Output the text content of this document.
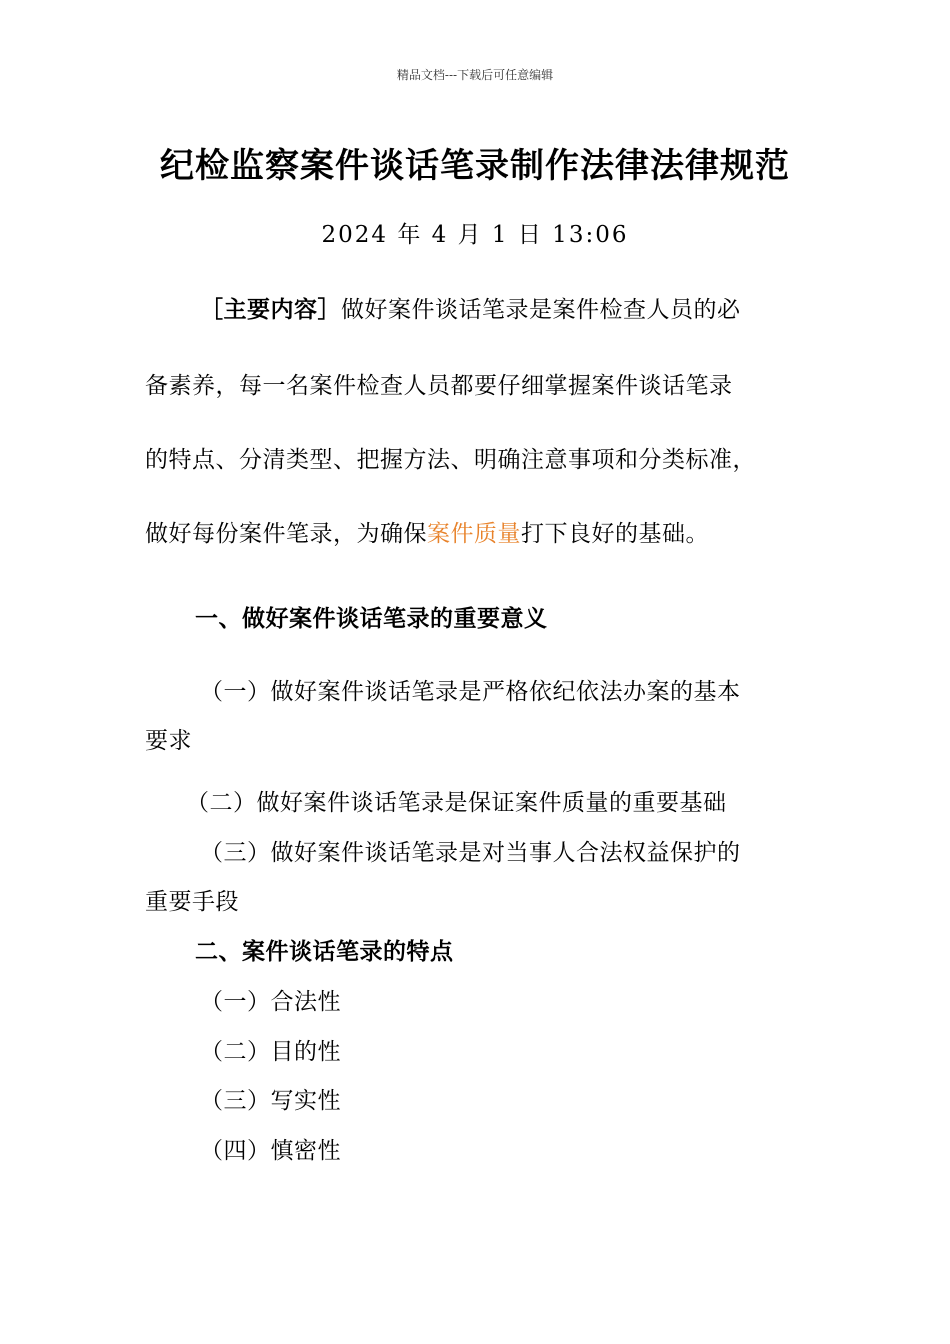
精品文档---下载后可任意编辑
纪检监察案件谈话笔录制作法律法律规范
2024 年 4 月 1 日 13:06
［主要内容］做好案件谈话笔录是案件检查人员的必
备素养，每一名案件检查人员都要仔细掌握案件谈话笔录
的特点、分清类型、把握方法、明确注意事项和分类标准，
做好每份案件笔录，为确保案件质量打下良好的基础。
一、做好案件谈话笔录的重要意义
（一）做好案件谈话笔录是严格依纪依法办案的基本
要求
（二）做好案件谈话笔录是保证案件质量的重要基础
（三）做好案件谈话笔录是对当事人合法权益保护的
重要手段
二、案件谈话笔录的特点
（一）合法性
（二）目的性
（三）写实性
（四）慎密性
